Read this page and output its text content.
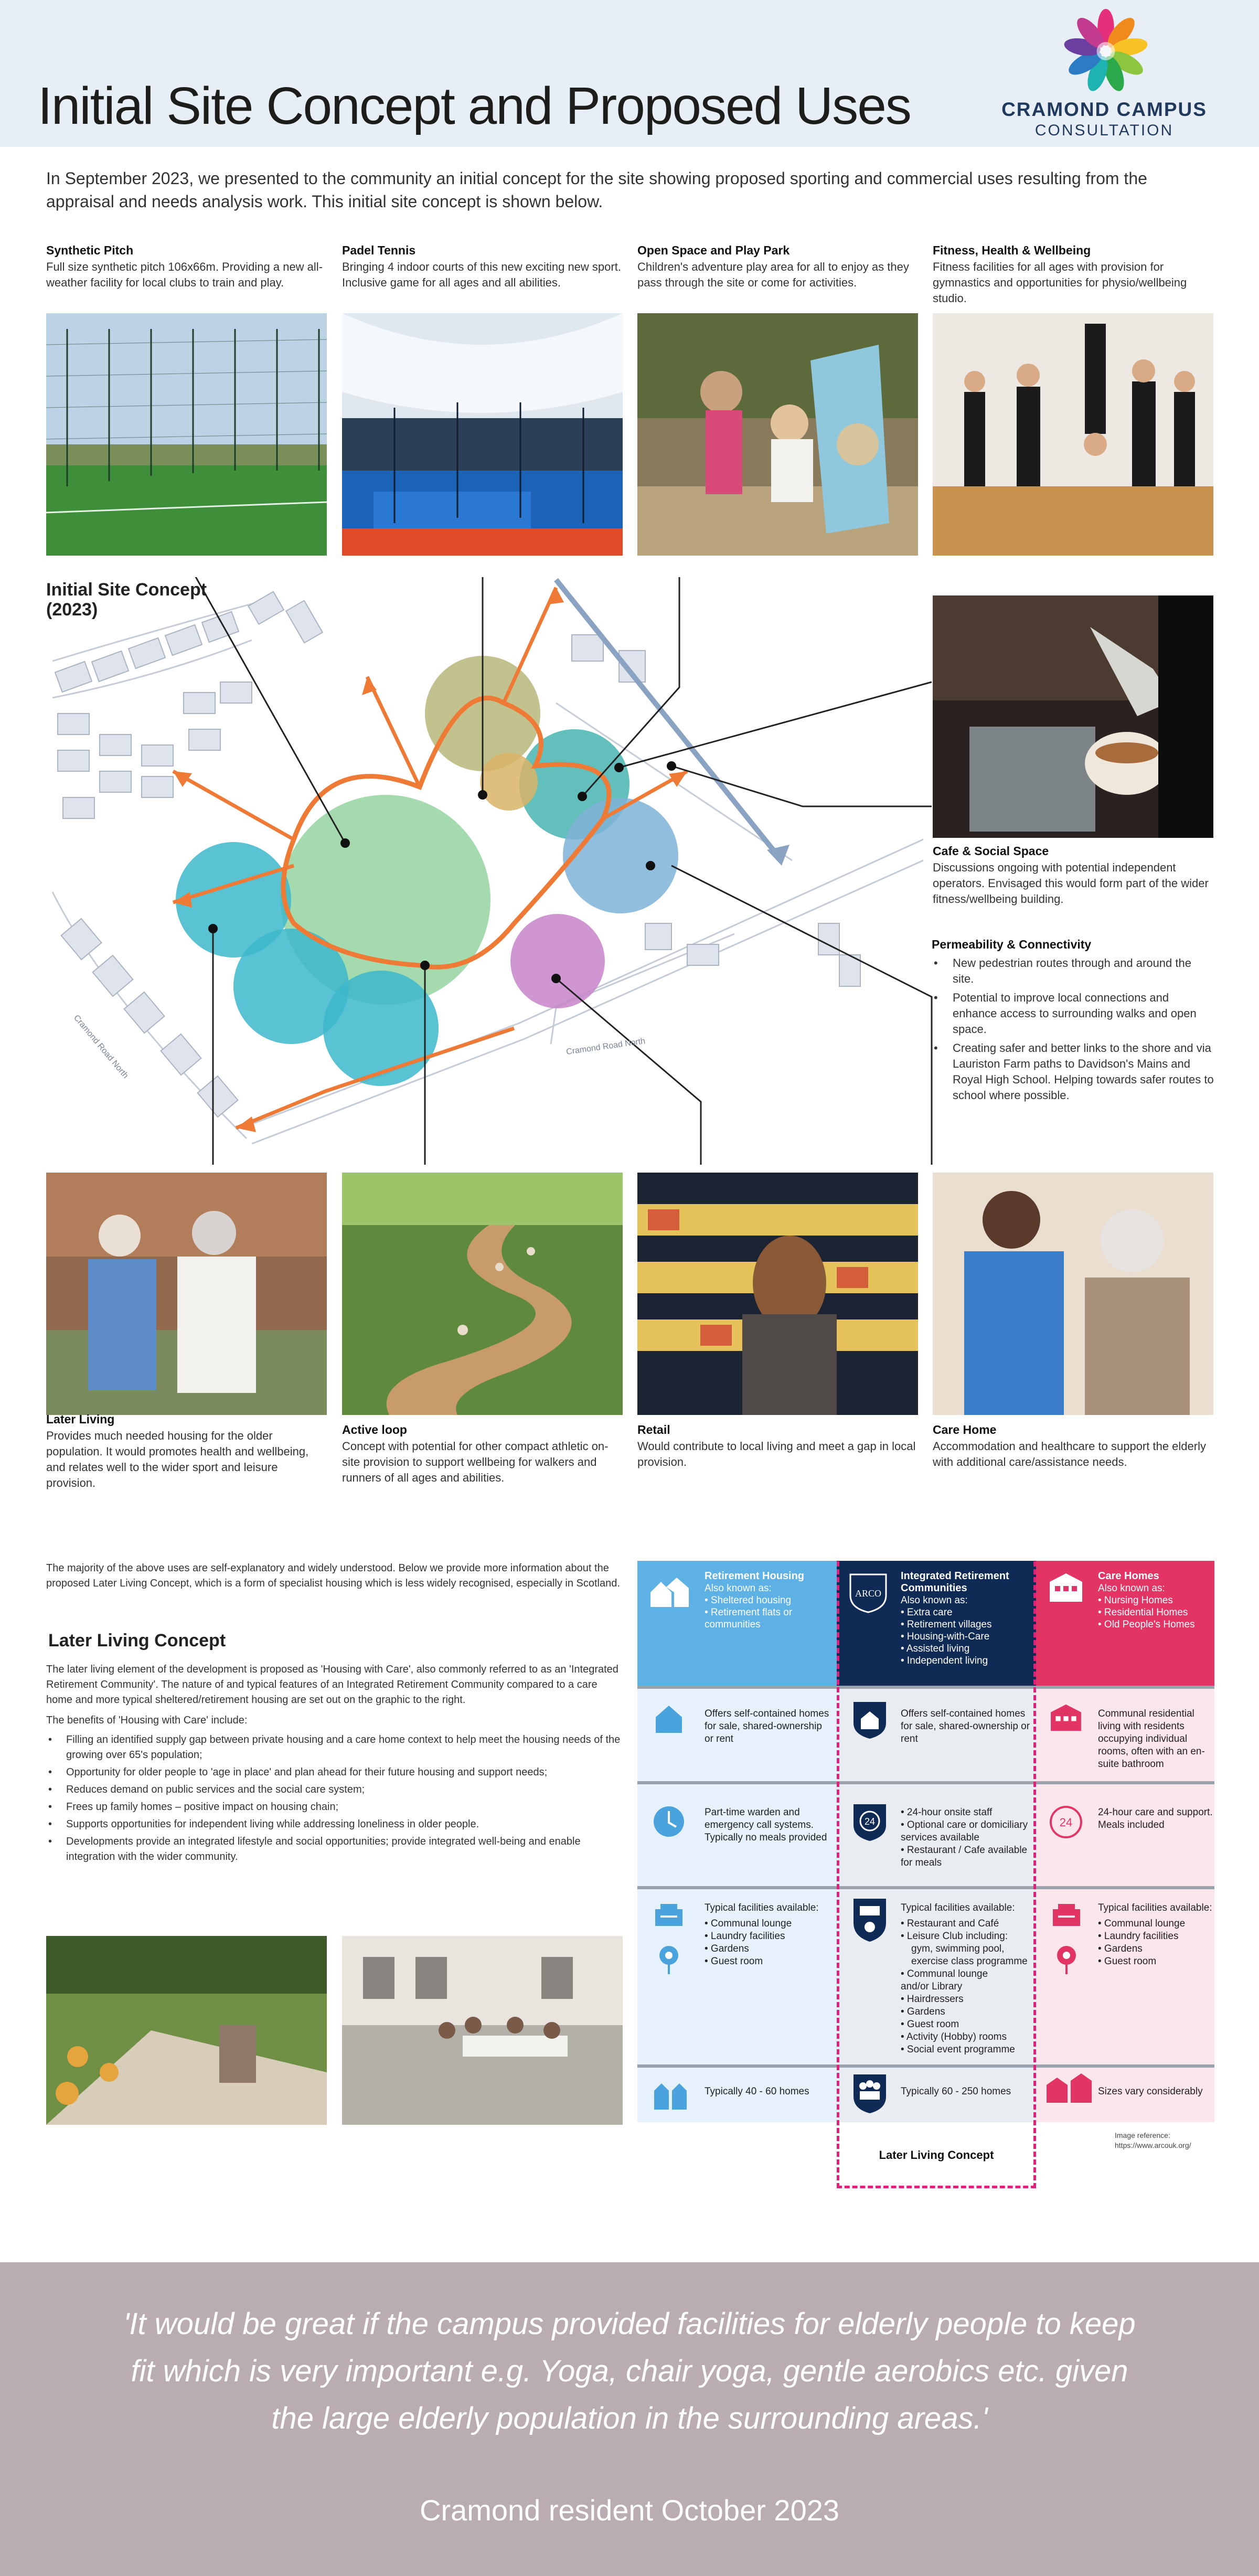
Initial Site Concept and Proposed Uses	CRAMOND CAMPUS
CONSULTATION
In September 2023, we presented to the community an initial concept for the site showing proposed sporting and commercial uses resulting from the appraisal and needs analysis work. This initial site concept is shown below.
Synthetic Pitch
Full size synthetic pitch 106x66m. Providing a new all-weather facility for local clubs to train and play.
Padel Tennis
Bringing 4 indoor courts of this new exciting new sport. Inclusive game for all ages and all abilities.
Open Space and Play Park
Children's adventure play area for all to enjoy as they pass through the site or come for activities.
Fitness, Health & Wellbeing
Fitness facilities for all ages with provision for gymnastics and opportunities for physio/wellbeing studio.
Initial Site Concept
(2023)
Cramond Road North
Cramond Road North
Cafe & Social Space
Discussions ongoing with potential independent operators. Envisaged this would form part of the wider fitness/wellbeing building.
Permeability & Connectivity
• New pedestrian routes through and around the site.
• Potential to improve local connections and enhance access to surrounding walks and open space.
• Creating safer and better links to the shore and via Lauriston Farm paths to Davidson's Mains and Royal High School. Helping towards safer routes to school where possible.
Later Living
Provides much needed housing for the older population. It would promotes health and wellbeing, and relates well to the wider sport and leisure provision.
Active loop
Concept with potential for other compact athletic on-site provision to support wellbeing for walkers and runners of all ages and abilities.
Retail
Would contribute to local living and meet a gap in local provision.
Care Home
Accommodation and healthcare to support the elderly with additional care/assistance needs.
The majority of the above uses are self-explanatory and widely understood. Below we provide more information about the proposed Later Living Concept, which is a form of specialist housing which is less widely recognised, especially in Scotland.
Later Living Concept

The later living element of the development is proposed as 'Housing with Care', also commonly referred to as an 'Integrated Retirement Community'. The nature of and typical features of an Integrated Retirement Community compared to a care home and more typical sheltered/retirement housing are set out on the graphic to the right.

The benefits of 'Housing with Care' include:

• Filling an identified supply gap between private housing and a care home context to help meet the housing needs of the growing over 65's population;
• Opportunity for older people to 'age in place' and plan ahead for their future housing and support needs;
• Reduces demand on public services and the social care system;
• Frees up family homes – positive impact on housing chain;
• Supports opportunities for independent living while addressing loneliness in older people.
• Developments provide an integrated lifestyle and social opportunities; provide integrated well-being and enable integration with the wider community.
Retirement Housing
Also known as:
• Sheltered housing
• Retirement flats or
communities
Offers self-contained homes for sale, shared-ownership or rent
Part-time warden and emergency call systems. Typically no meals provided
Typical facilities available:
• Communal lounge
• Laundry facilities
• Gardens
• Guest room
Typically 40 - 60 homes
ARCO
Integrated Retirement Communities
Also known as:
• Extra care
• Retirement villages
• Housing-with-Care
• Assisted living
• Independent living
Offers self-contained homes for sale, shared-ownership or rent
24
• 24-hour onsite staff
• Optional care or domiciliary services available
• Restaurant / Cafe available for meals
Typical facilities available:
• Restaurant and Café
• Leisure Club including:
gym, swimming pool,
exercise class programme
• Communal lounge
and/or Library
• Hairdressers
• Gardens
• Guest room
• Activity (Hobby) rooms
• Social event programme
Typically 60 - 250 homes
Care Homes
Also known as:
• Nursing Homes
• Residential Homes
• Old People's Homes
Communal residential living with residents occupying individual rooms, often with an en-suite bathroom
24
24-hour care and support. Meals included
Typical facilities available:
• Communal lounge
• Laundry facilities
• Gardens
• Guest room
Sizes vary considerably
Later Living Concept
Image reference: https://www.arcouk.org/
'It would be great if the campus provided facilities for elderly people to keep
fit which is very important e.g. Yoga, chair yoga, gentle aerobics etc. given
the large elderly population in the surrounding areas.'
Cramond resident October 2023
